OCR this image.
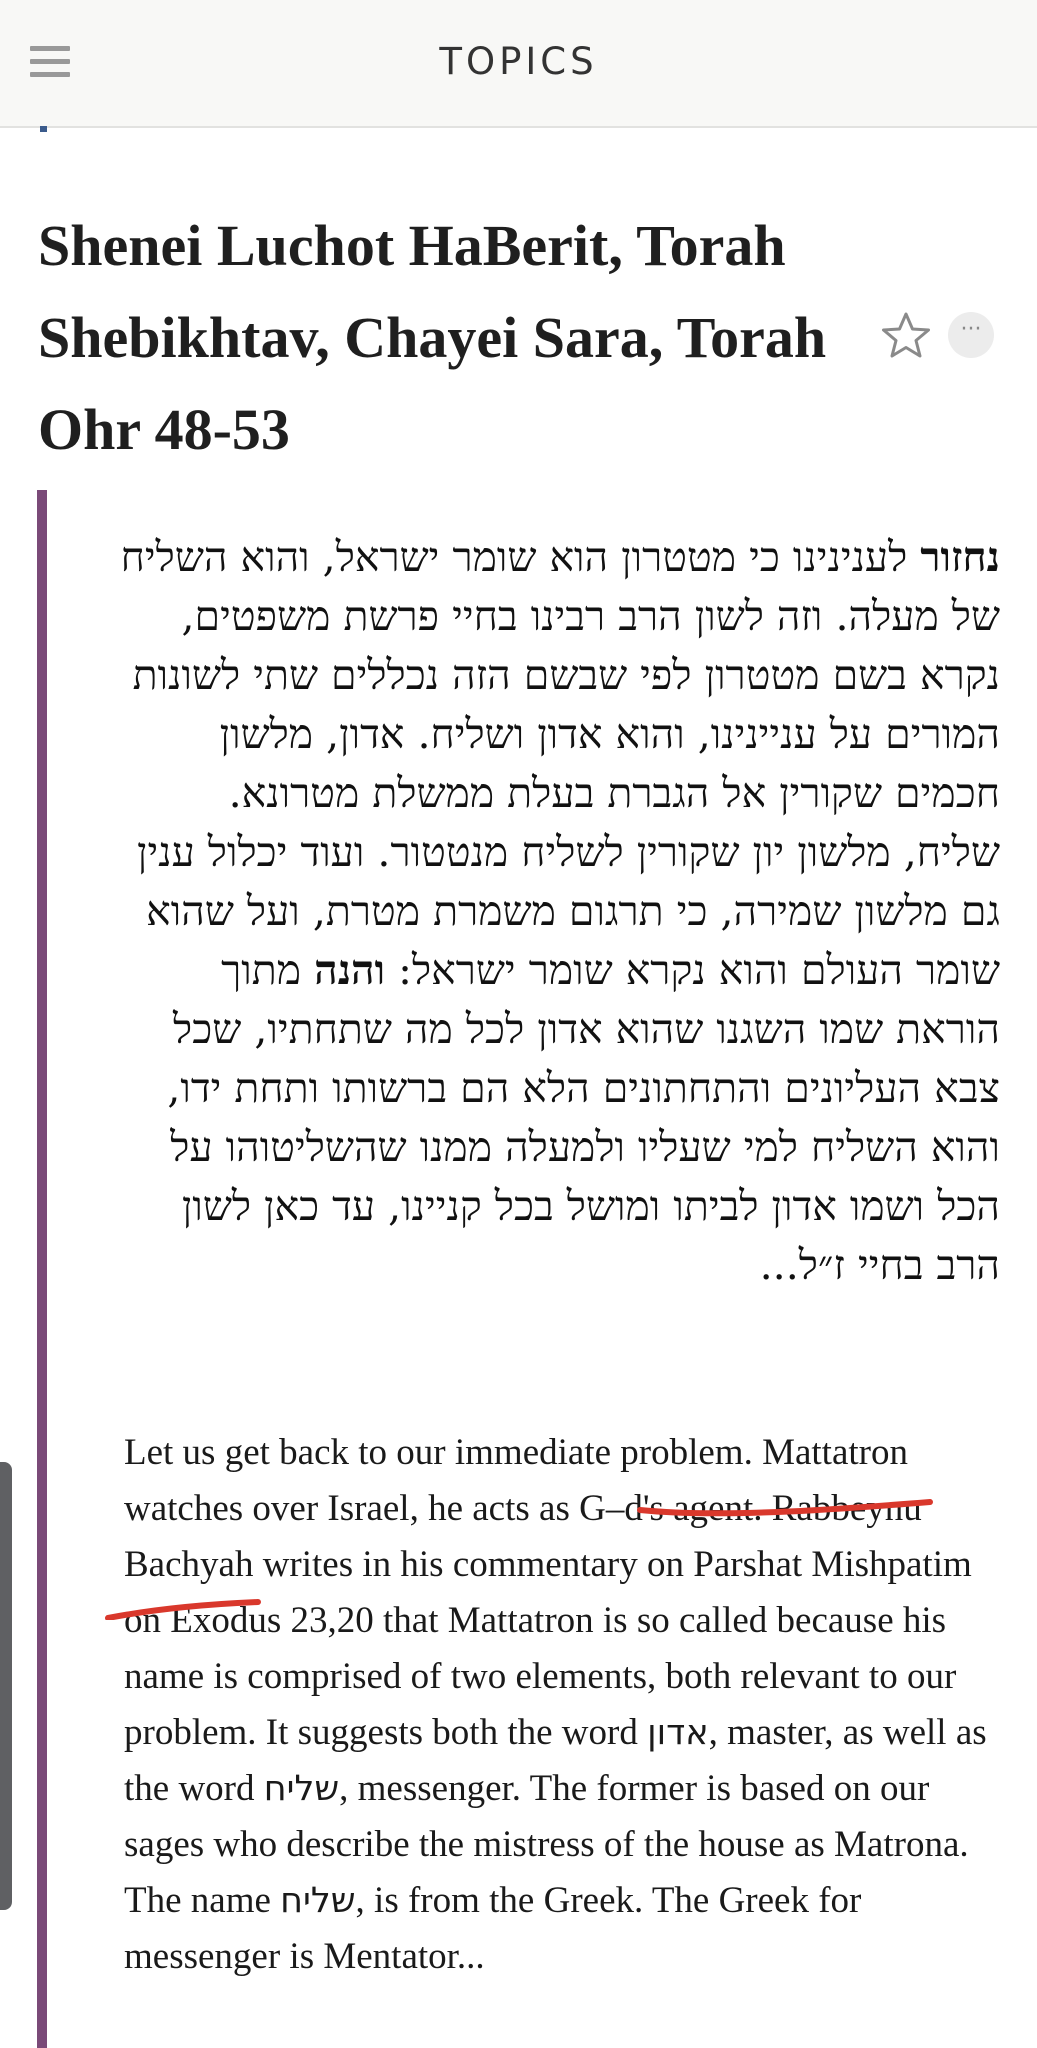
TOPICS
Shenei Luchot HaBerit, Torah Shebikhtav, Chayei Sara, Torah Ohr 48-53
···
נחזור לענינינו כי מטטרון הוא שומר ישראל, והוא השליח של מעלה. וזה לשון הרב רבינו בחיי פרשת משפטים, נקרא בשם מטטרון לפי שבשם הזה נכללים שתי לשונות המורים על עניינינו, והוא אדון ושליח. אדון, מלשון חכמים שקורין אל הגברת בעלת ממשלת מטרונא. שליח, מלשון יון שקורין לשליח מנטטור. ועוד יכלול ענין גם מלשון שמירה, כי תרגום משמרת מטרת, ועל שהוא שומר העולם והוא נקרא שומר ישראל: והנה מתוך הוראת שמו השגנו שהוא אדון לכל מה שתחתיו, שכל צבא העליונים והתחתונים הלא הם ברשותו ותחת ידו, והוא השליח למי שעליו ולמעלה ממנו שהשליטוהו על הכל ושמו אדון לביתו ומושל בכל קניינו, עד כאן לשון הרב בחיי ז״ל...
Let us get back to our immediate problem. Mattatron watches over Israel, he acts as G–d's agent. Rabbeynu Bachyah writes in his commentary on Parshat Mishpatim on Exodus 23,20 that Mattatron is so called because his name is comprised of two elements, both relevant to our problem. It suggests both the word אדון, master, as well as the word שליח, messenger. The former is based on our sages who describe the mistress of the house as Matrona. The name שליח, is from the Greek. The Greek for messenger is Mentator...
